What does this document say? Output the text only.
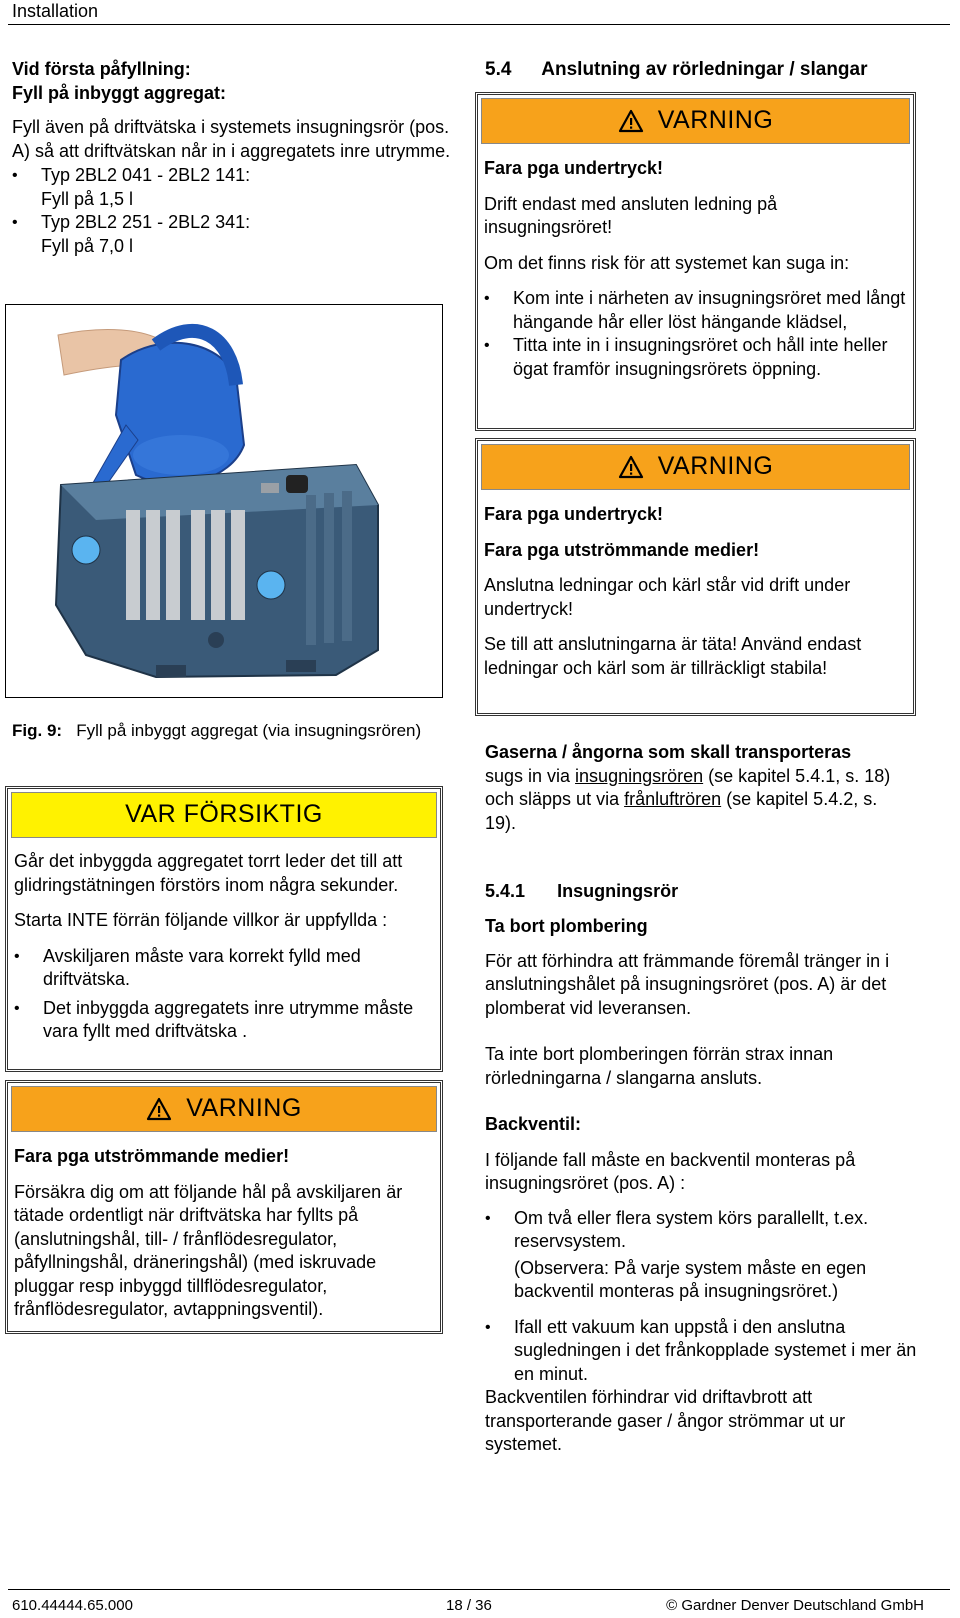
Installation

Vid första påfyllning:

Fyll på inbyggt aggregat:

Fyll även på driftvätska i systemets insugningsrör (pos. A) så att driftvätskan når in i aggregatets inre utrymme.

• Typ 2BL2 041 - 2BL2 141:
Fyll på 1,5 l
• Typ 2BL2 251 - 2BL2 341:
Fyll på 7,0 l
Fig. 9: Fyll på inbyggt aggregat (via insugningsrören)
VAR FÖRSIKTIG

Går det inbyggda aggregatet torrt leder det till att glidringstätningen förstörs inom några sekunder.

Starta INTE förrän följande villkor är uppfyllda :

• Avskiljaren måste vara korrekt fylld med driftvätska.
• Det inbyggda aggregatets inre utrymme måste vara fyllt med driftvätska .
VARNING

Fara pga utströmmande medier!

Försäkra dig om att följande hål på avskiljaren är tätade ordentligt när driftvätska har fyllts på (anslutningshål, till- / frånflödesregulator, påfyllningshål, dräneringshål) (med iskruvade pluggar resp inbyggd tillflödesregulator, frånflödesregulator, avtappningsventil).

5.4 Anslutning av rörledningar / slangar
VARNING

Fara pga undertryck!

Drift endast med ansluten ledning på insugningsröret!

Om det finns risk för att systemet kan suga in:

• Kom inte i närheten av insugningsröret med långt hängande hår eller löst hängande klädsel,
• Titta inte in i insugningsröret och håll inte heller ögat framför insugningsrörets öppning.
VARNING

Fara pga undertryck!

Fara pga utströmmande medier!

Anslutna ledningar och kärl står vid drift under undertryck!

Se till att anslutningarna är täta! Använd endast ledningar och kärl som är tillräckligt stabila!

Gaserna / ångorna som skall transporteras

sugs in via insugningsrören (se kapitel 5.4.1, s. 18) och släpps ut via frånluftrören (se kapitel 5.4.2, s. 19).

5.4.1 Insugningsrör

Ta bort plombering

För att förhindra att främmande föremål tränger in i anslutningshålet på insugningsröret (pos. A) är det plomberat vid leveransen.

Ta inte bort plomberingen förrän strax innan rörledningarna / slangarna ansluts.

Backventil:

I följande fall måste en backventil monteras på insugningsröret (pos. A) :

• Om två eller flera system körs parallellt, t.ex. reservsystem.
(Observera: På varje system måste en egen backventil monteras på insugningsröret.)
• Ifall ett vakuum kan uppstå i den anslutna sugledningen i det frånkopplade systemet i mer än en minut.

Backventilen förhindrar vid driftavbrott att transporterande gaser / ångor strömmar ut ur systemet.

610.44444.65.000	18 / 36	© Gardner Denver Deutschland GmbH
